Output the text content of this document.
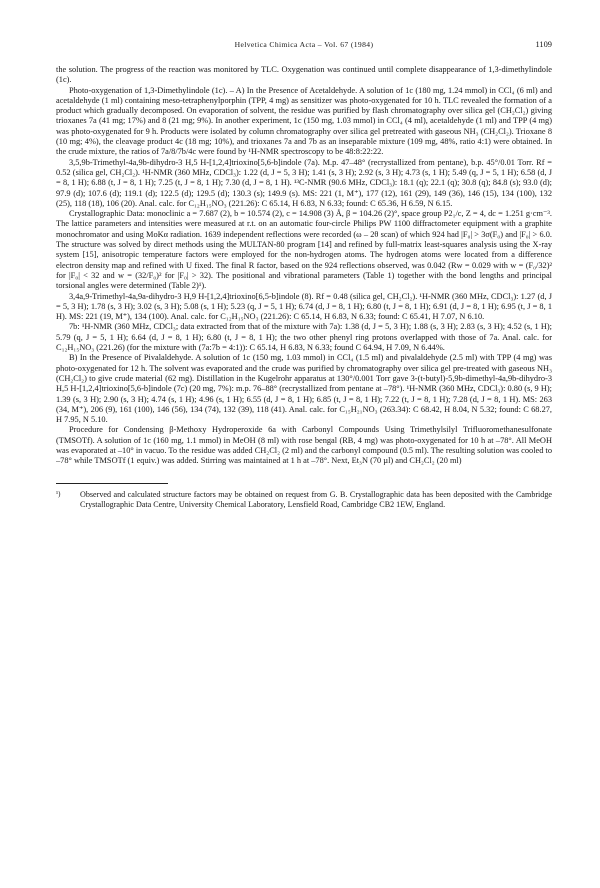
Helvetica Chimica Acta – Vol. 67 (1984)	1109

the solution. The progress of the reaction was monitored by TLC. Oxygenation was continued until complete disappearance of 1,3-dimethylindole (1c).

Photo-oxygenation of 1,3-Dimethylindole (1c). – A) In the Presence of Acetaldehyde. A solution of 1c (180 mg, 1.24 mmol) in CCl₄ (6 ml) and acetaldehyde (1 ml) containing meso-tetraphenylporphin (TPP, 4 mg) as sensitizer was photo-oxygenated for 10 h. TLC revealed the formation of a product which gradually decomposed. On evaporation of solvent, the residue was purified by flash chromatography over silica gel (CH₂Cl₂) giving trioxanes 7a (41 mg; 17%) and 8 (21 mg; 9%). In another experiment, 1c (150 mg, 1.03 mmol) in CCl₄ (4 ml), acetaldehyde (1 ml) and TPP (4 mg) was photo-oxygenated for 9 h. Products were isolated by column chromatography over silica gel pretreated with gaseous NH₃ (CH₂Cl₂). Trioxane 8 (10 mg; 4%), the cleavage product 4c (18 mg; 10%), and trioxanes 7a and 7b as an inseparable mixture (109 mg, 48%, ratio 4:1) were obtained. In the crude mixture, the ratios of 7a/8/7b/4c were found by ¹H-NMR spectroscopy to be 48:8:22:22.

3,5,9b-Trimethyl-4a,9b-dihydro-3 H,5 H-[1,2,4]trioxino[5,6-b]indole (7a). M.p. 47–48° (recrystallized from pentane), b.p. 45°/0.01 Torr. Rf = 0.52 (silica gel, CH₂Cl₂). ¹H-NMR (360 MHz, CDCl₃): 1.22 (d, J = 5, 3 H); 1.41 (s, 3 H); 2.92 (s, 3 H); 4.73 (s, 1 H); 5.49 (q, J = 5, 1 H); 6.58 (d, J = 8, 1 H); 6.88 (t, J = 8, 1 H); 7.25 (t, J = 8, 1 H); 7.30 (d, J = 8, 1 H). ¹³C-NMR (90.6 MHz, CDCl₃): 18.1 (q); 22.1 (q); 30.8 (q); 84.8 (s); 93.0 (d); 97.9 (d); 107.6 (d); 119.1 (d); 122.5 (d); 129.5 (d); 130.3 (s); 149.9 (s). MS: 221 (1, M⁺), 177 (12), 161 (29), 149 (36), 146 (15), 134 (100), 132 (25), 118 (18), 106 (20). Anal. calc. for C₁₂H₁₅NO₃ (221.26): C 65.14, H 6.83, N 6.33; found: C 65.36, H 6.59, N 6.15.

Crystallographic Data: monoclinic a = 7.687 (2), b = 10.574 (2), c = 14.908 (3) Å, β = 104.26 (2)°, space group P2₁/c, Z = 4, dc = 1.251 g·cm⁻³. The lattice parameters and intensities were measured at r.t. on an automatic four-circle Philips PW 1100 diffractometer equipment with a graphite monochromator and using MoKα radiation. 1639 independent reflections were recorded (ω – 2θ scan) of which 924 had |F₀| > 3σ(F₀) and |F₀| > 6.0. The structure was solved by direct methods using the MULTAN-80 program [14] and refined by full-matrix least-squares analysis using the X-ray system [15], anisotropic temperature factors were employed for the non-hydrogen atoms. The hydrogen atoms were located from a difference electron density map and refined with U fixed. The final R factor, based on the 924 reflections observed, was 0.042 (Rw = 0.029 with w = (F₀/32)² for |F₀| < 32 and w = (32/F₀)² for |F₀| > 32). The positional and vibrational parameters (Table 1) together with the bond lengths and principal torsional angles were determined (Table 2)¹).

3,4a,9-Trimethyl-4a,9a-dihydro-3 H,9 H-[1,2,4]trioxino[6,5-b]indole (8). Rf = 0.48 (silica gel, CH₂Cl₂). ¹H-NMR (360 MHz, CDCl₃): 1.27 (d, J = 5, 3 H); 1.78 (s, 3 H); 3.02 (s, 3 H); 5.08 (s, 1 H); 5.23 (q, J = 5, 1 H); 6.74 (d, J = 8, 1 H); 6.80 (t, J = 8, 1 H); 6.91 (d, J = 8, 1 H); 6.95 (t, J = 8, 1 H). MS: 221 (19, M⁺), 134 (100). Anal. calc. for C₁₂H₁₅NO₃ (221.26): C 65.14, H 6.83, N 6.33; found: C 65.41, H 7.07, N 6.10.

7b: ¹H-NMR (360 MHz, CDCl₃; data extracted from that of the mixture with 7a): 1.38 (d, J = 5, 3 H); 1.88 (s, 3 H); 2.83 (s, 3 H); 4.52 (s, 1 H); 5.79 (q, J = 5, 1 H); 6.64 (d, J = 8, 1 H); 6.80 (t, J = 8, 1 H); the two other phenyl ring protons overlapped with those of 7a. Anal. calc. for C₁₂H₁₅NO₃ (221.26) (for the mixture with (7a:7b = 4:1)): C 65.14, H 6.83, N 6.33; found C 64.94, H 7.09, N 6.44%.

B) In the Presence of Pivalaldehyde. A solution of 1c (150 mg, 1.03 mmol) in CCl₄ (1.5 ml) and pivalaldehyde (2.5 ml) with TPP (4 mg) was photo-oxygenated for 12 h. The solvent was evaporated and the crude was purified by chromatography over silica gel pre-treated with gaseous NH₃ (CH₂Cl₂) to give crude material (62 mg). Distillation in the Kugelrohr apparatus at 130°/0.001 Torr gave 3-(t-butyl)-5,9b-dimethyl-4a,9b-dihydro-3 H,5 H-[1,2,4]trioxino[5,6-b]indole (7c) (20 mg, 7%): m.p. 76–88° (recrystallized from pentane at –78°). ¹H-NMR (360 MHz, CDCl₃): 0.80 (s, 9 H); 1.39 (s, 3 H); 2.90 (s, 3 H); 4.74 (s, 1 H); 4.96 (s, 1 H); 6.55 (d, J = 8, 1 H); 6.85 (t, J = 8, 1 H); 7.22 (t, J = 8, 1 H); 7.28 (d, J = 8, 1 H). MS: 263 (34, M⁺), 206 (9), 161 (100), 146 (56), 134 (74), 132 (39), 118 (41). Anal. calc. for C₁₅H₂₁NO₃ (263.34): C 68.42, H 8.04, N 5.32; found: C 68.27, H 7.95, N 5.10.

Procedure for Condensing β-Methoxy Hydroperoxide 6a with Carbonyl Compounds Using Trimethylsilyl Trifluoromethanesulfonate (TMSOTf). A solution of 1c (160 mg, 1.1 mmol) in MeOH (8 ml) with rose bengal (RB, 4 mg) was photo-oxygenated for 10 h at –78°. All MeOH was evaporated at –10° in vacuo. To the residue was added CH₂Cl₂ (2 ml) and the carbonyl compound (0.5 ml). The resulting solution was cooled to –78° while TMSOTf (1 equiv.) was added. Stirring was maintained at 1 h at –78°. Next, Et₃N (70 µl) and CH₂Cl₂ (20 ml)

¹)	Observed and calculated structure factors may be obtained on request from G. B. Crystallographic data has been deposited with the Cambridge Crystallographic Data Centre, University Chemical Laboratory, Lensfield Road, Cambridge CB2 1EW, England.
